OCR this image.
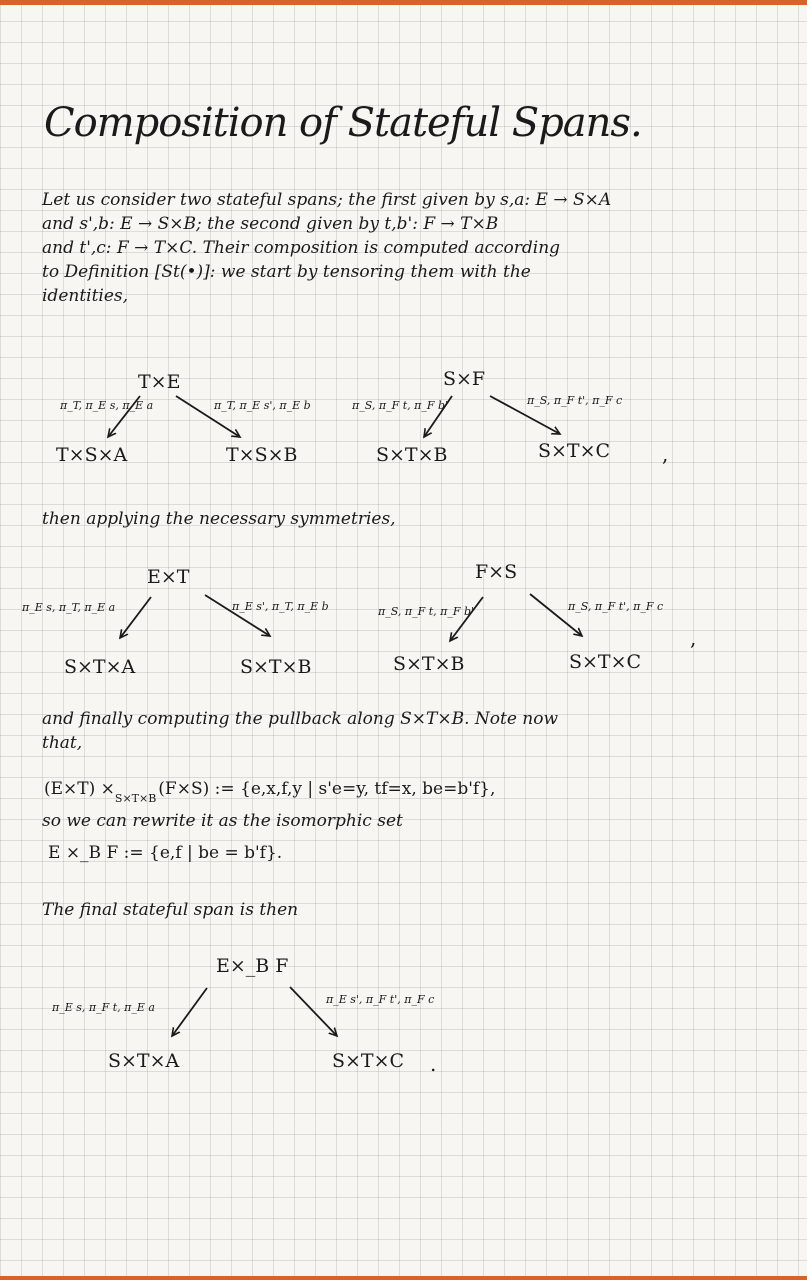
Composition of Stateful Spans.
Let us consider two stateful spans; the first given by s,a: E → S×A
and s',b: E → S×B; the second given by t,b': F → T×B
and t',c: F → T×C. Their composition is computed according
to Definition [St(•)]: we start by tensoring them with the
identities,
T×E
T×S×A	T×S×B
π_T, π_E s, π_E a	π_T, π_E s', π_E b
S×F
S×T×B	S×T×C
π_S, π_F t, π_F b'	π_S, π_F t', π_F c
,
then applying the necessary symmetries,
E×T
S×T×A	S×T×B
π_E s, π_T, π_E a	π_E s', π_T, π_E b
F×S
S×T×B	S×T×C
π_S, π_F t, π_F b'	π_S, π_F t', π_F c
,
and finally computing the pullback along S×T×B. Note now
that,
$(E\times T) \times_{S\times T\times B}$ (F×S) := {e,x,f,y | s'e=y, tf=x, be=b'f},
so we can rewrite it as the isomorphic set
E ×_B F := {e,f | be = b'f}.
The final stateful span is then
E×_B F
S×T×A	S×T×C
π_E s, π_F t, π_E a
π_E s', π_F t', π_F c
.
